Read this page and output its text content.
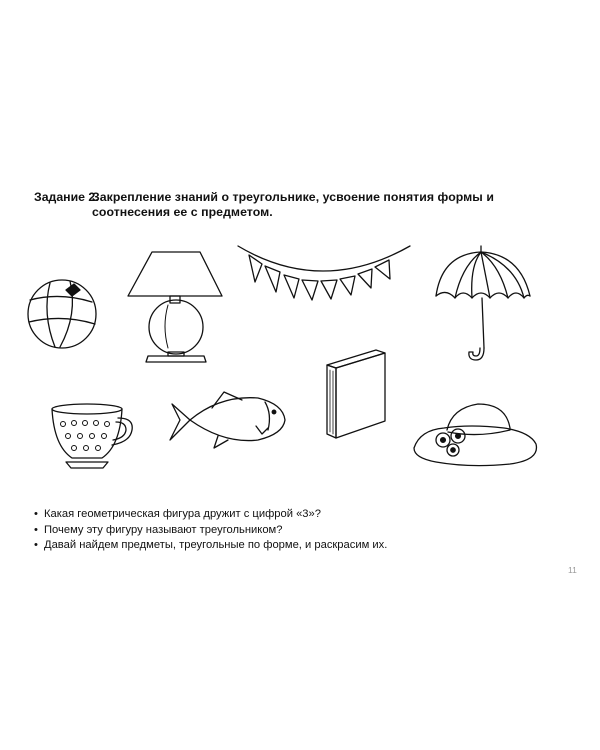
Задание 2.
Закрепление знаний о треугольнике, усвоение понятия формы и соотнесения ее с предметом.
• Какая геометрическая фигура дружит с цифрой «3»?
• Почему эту фигуру называют треугольником?
• Давай найдем предметы, треугольные по форме, и раскрасим их.
11
